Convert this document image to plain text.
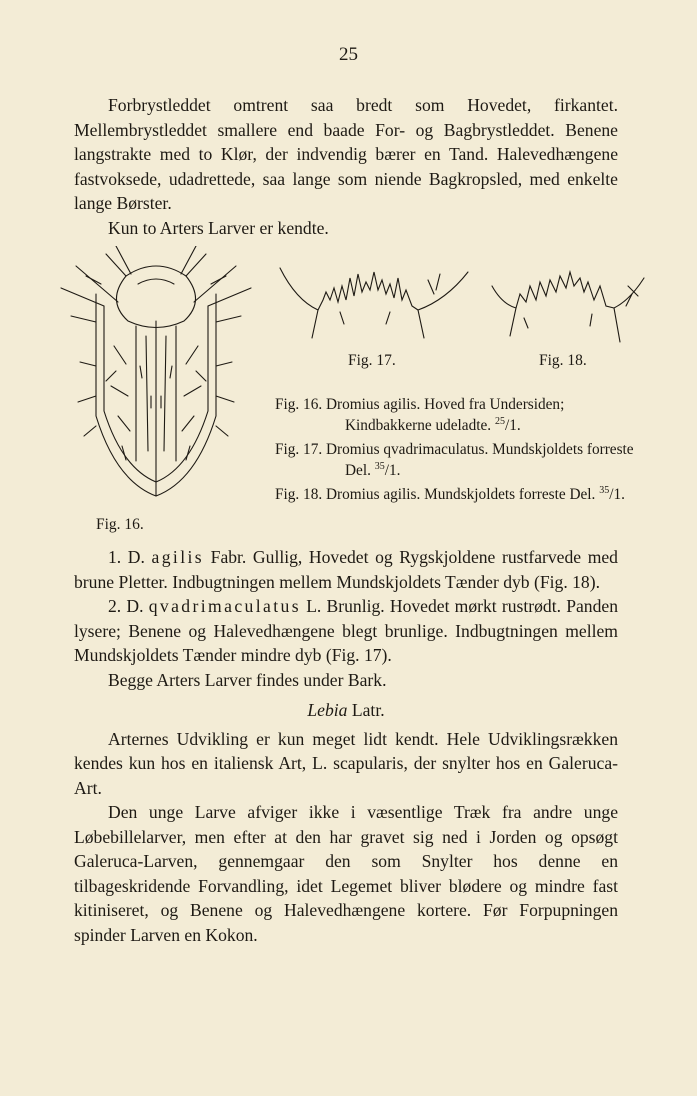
25
Forbrystleddet omtrent saa bredt som Hovedet, firkantet. Mellembrystleddet smallere end baade For- og Bagbrystleddet. Benene langstrakte med to Klør, der indvendig bærer en Tand. Halevedhængene fastvoksede, udadrettede, saa lange som niende Bagkropsled, med enkelte lange Børster.
Kun to Arters Larver er kendte.
Fig. 16.
Fig. 17.	Fig. 18.
Fig. 16. Dromius agilis. Hoved fra Undersiden; Kindbakkerne udeladte. $^{25}$/1.
Fig. 17. Dromius qvadrimaculatus. Mundskjoldets forreste Del. $^{35}$/1.
Fig. 18. Dromius agilis. Mundskjoldets forreste Del. $^{35}$/1.
1. D. agilis Fabr. Gullig, Hovedet og Rygskjoldene rustfarvede med brune Pletter. Indbugtningen mellem Mundskjoldets Tænder dyb (Fig. 18).
2. D. qvadrimaculatus L. Brunlig. Hovedet mørkt rustrødt. Panden lysere; Benene og Halevedhængene blegt brunlige. Indbugtningen mellem Mundskjoldets Tænder mindre dyb (Fig. 17).
Begge Arters Larver findes under Bark.
Lebia Latr.
Arternes Udvikling er kun meget lidt kendt. Hele Udviklingsrækken kendes kun hos en italiensk Art, L. scapularis, der snylter hos en Galeruca-Art.
Den unge Larve afviger ikke i væsentlige Træk fra andre unge Løbebillelarver, men efter at den har gravet sig ned i Jorden og opsøgt Galeruca-Larven, gennemgaar den som Snylter hos denne en tilbageskridende Forvandling, idet Legemet bliver blødere og mindre fast kitiniseret, og Benene og Halevedhængene kortere. Før Forpupningen spinder Larven en Kokon.
